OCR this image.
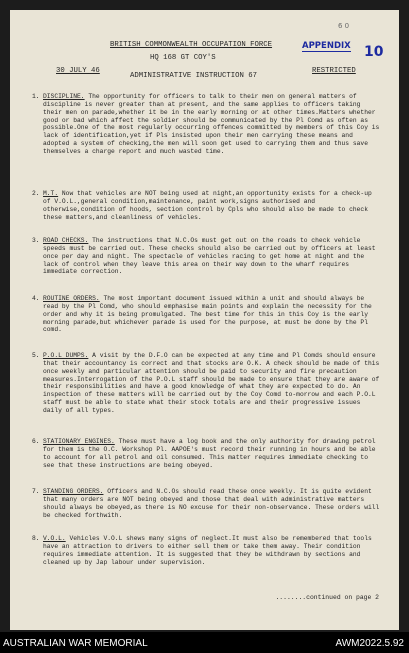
6 0
BRITISH COMMONWEALTH OCCUPATION FORCE	APPENDIX 10
HQ 168 GT COY'S
30 JULY 46
ADMINISTRATIVE INSTRUCTION 67
RESTRICTED
1. DISCIPLINE. The opportunity for officers to talk to their men on general matters of discipline is never greater than at present, and the same applies to officers taking their men on parade,whether it be in the early morning or at other times.Matters whether good or bad which affect the soldier should be communicated by the Pl Comd as often as possible.One of the most regularly occurring offences committed by members of this Coy is lack of identification,yet if Pls insisted upon their men carrying these means and adopted a system of checking,the men will soon get used to carrying them and thus save themselves a charge report and much wasted time.
2. M.T. Now that vehicles are NOT being used at night,an opportunity exists for a check-up of V.O.L.,general condition,maintenance, paint work,signs authorised and otherwise,condition of hoods, section control by Cpls who should also be made to check these matters,and cleanliness of vehicles.
3. ROAD CHECKS. The instructions that N.C.Os must get out on the roads to check vehicle speeds must be carried out. These checks should also be carried out by officers at least once per day and night. The spectacle of vehicles racing to get home at night and the lack of control when they leave this area on their way down to the wharf requires immediate correction.
4. ROUTINE ORDERS. The most important document issued within a unit and should always be read by the Pl Comd, who should emphasise main points and explain the necessity for the order and why it is being promulgated. The best time for this in this Coy is the early morning parade,but whichever parade is used for the purpose, at must be done by the Pl comd.
5. P.O.L DUMPS. A visit by the D.F.O can be expected at any time and Pl Comds should ensure that their accountancy is correct and that stocks are O.K. A check should be made of this once weekly and particular attention should be paid to security and fire precaution measures.Interrogation of the P.O.L staff should be made to ensure that they are aware of their responsibilities and have a good knowledge of what they are expected to do. An inspection of these matters will be carried out by the Coy Comd to-morrow and each P.O.L staff must be able to state what their stock totals are and their progressive issues daily of all types.
6. STATIONARY ENGINES. These must have a log book and the only authority for drawing petrol for them is the O.C. Workshop Pl. AAPOE's must record their running in hours and be able to account for all petrol and oil consumed. This matter requires immediate checking to see that these instructions are being obeyed.
7. STANDING ORDERS. Officers and N.C.Os should read these once weekly. It is quite evident that many orders are NOT being obeyed and those that deal with administrative matters should always be obeyed,as there is NO excuse for their non-observance. These orders will be checked forthwith.
8. V.O.L. Vehicles V.O.L shews many signs of neglect.It must also be remembered that tools have an attraction to drivers to either sell them or take them away. Their condition requires immediate attention. It is suggested that they be withdrawn by sections and cleaned up by Jap labour under supervision.
........continued on page 2
AUSTRALIAN WAR MEMORIAL	AWM2022.5.92
